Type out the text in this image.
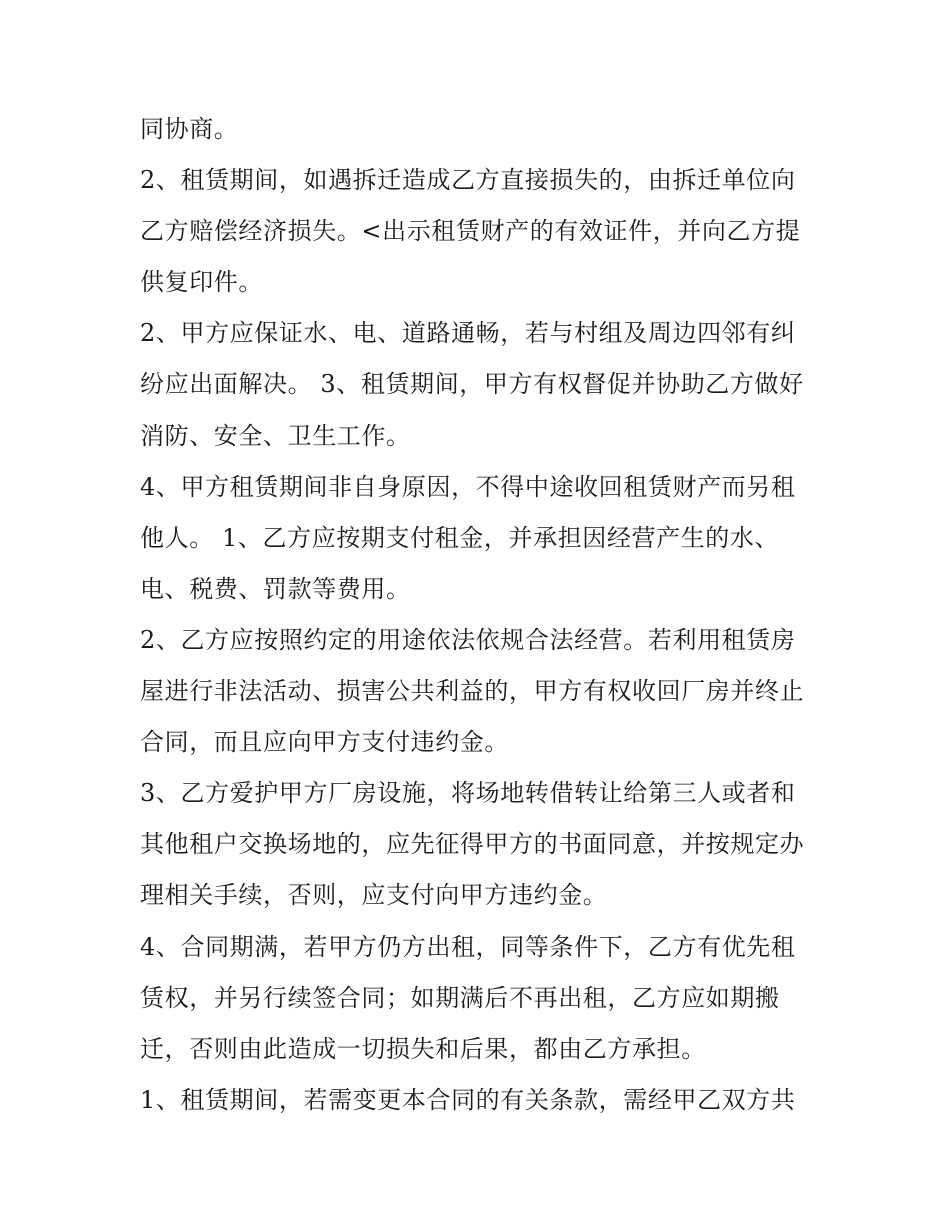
同协商。
2、租赁期间，如遇拆迁造成乙方直接损失的，由拆迁单位向
乙方赔偿经济损失。<出示租赁财产的有效证件，并向乙方提
供复印件。
2、甲方应保证水、电、道路通畅，若与村组及周边四邻有纠
纷应出面解决。 3、租赁期间，甲方有权督促并协助乙方做好
消防、安全、卫生工作。
4、甲方租赁期间非自身原因，不得中途收回租赁财产而另租
他人。 1、乙方应按期支付租金，并承担因经营产生的水、
电、税费、罚款等费用。
2、乙方应按照约定的用途依法依规合法经营。若利用租赁房
屋进行非法活动、损害公共利益的，甲方有权收回厂房并终止
合同，而且应向甲方支付违约金。
3、乙方爱护甲方厂房设施，将场地转借转让给第三人或者和
其他租户交换场地的，应先征得甲方的书面同意，并按规定办
理相关手续，否则，应支付向甲方违约金。
4、合同期满，若甲方仍方出租，同等条件下，乙方有优先租
赁权，并另行续签合同；如期满后不再出租，乙方应如期搬
迁，否则由此造成一切损失和后果，都由乙方承担。
1、租赁期间，若需变更本合同的有关条款，需经甲乙双方共
